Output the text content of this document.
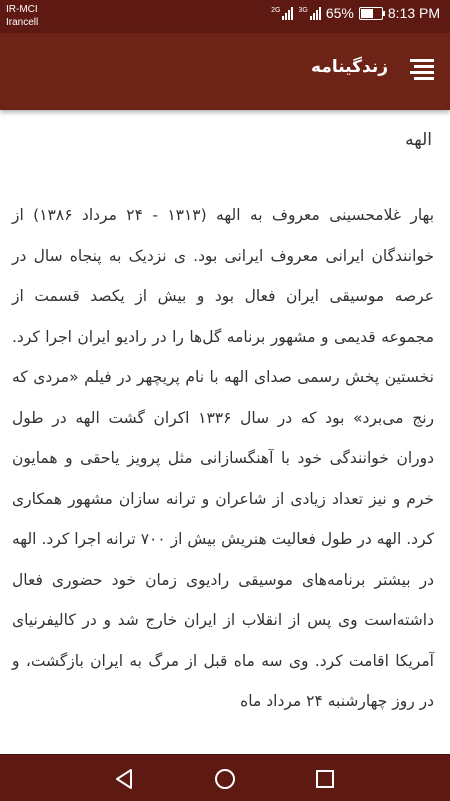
IR-MCI
Irancell
2G	3G 65% 8:13 PM
زندگینامه
الهه

بهار غلامحسینی معروف به الهه (۱۳۱۳ - ۲۴ مرداد ۱۳۸۶) از خوانندگان ایرانی معروف ایرانی بود. ی نزدیک به پنجاه سال در عرصه موسیقی ایران فعال بود و بیش از یکصد قسمت از مجموعه قدیمی و مشهور برنامه گل‌ها را در رادیو ایران اجرا کرد. نخستین پخش رسمی صدای الهه با نام پریچهر در فیلم «مردی که رنج می‌برد» بود که در سال ۱۳۳۶ اکران گشت الهه در طول دوران خوانندگی خود با آهنگسازانی مثل پرویز یاحقی و همایون خرم و نیز تعداد زیادی از شاعران و ترانه سازان مشهور همکاری کرد. الهه در طول فعالیت هنریش بیش از ۷۰۰ ترانه اجرا کرد. الهه در بیشتر برنامه‌های موسیقی رادیوی زمان خود حضوری فعال داشته‌است وی پس از انقلاب از ایران خارج شد و در کالیفرنیای آمریکا اقامت کرد. وی سه ماه قبل از مرگ به ایران بازگشت، و در روز چهارشنبه ۲۴ مرداد ماه
